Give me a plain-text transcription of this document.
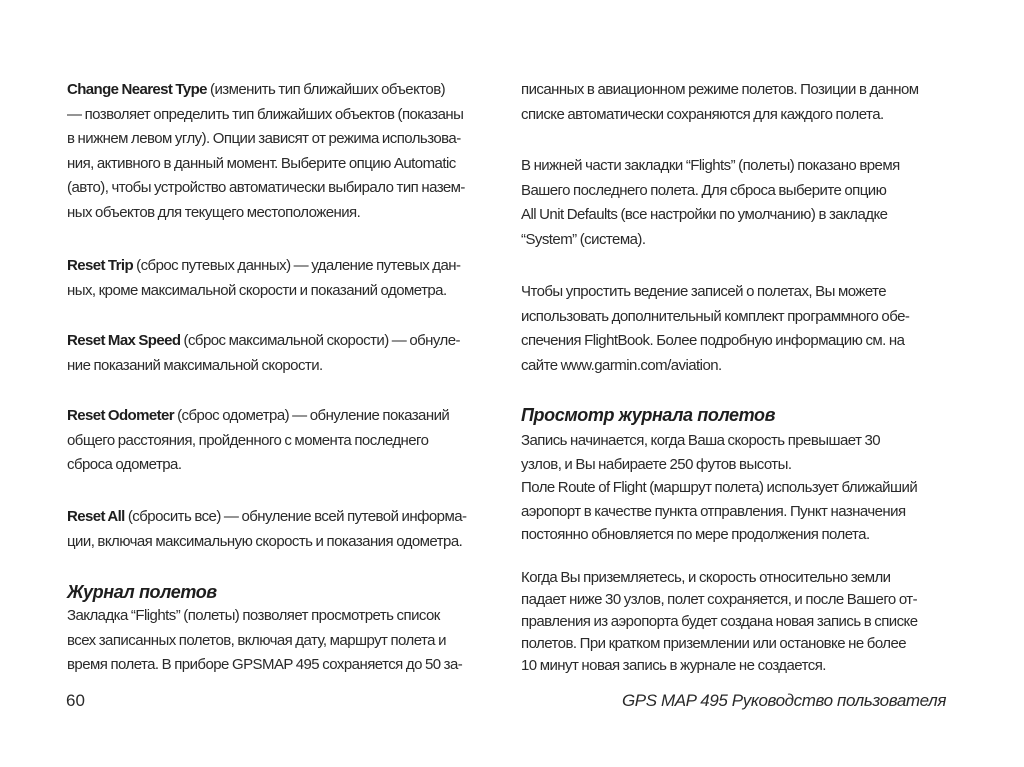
Change Nearest Type (изменить тип ближайших объектов)
— позволяет определить тип ближайших объектов (показаны
в нижнем левом углу). Опции зависят от режима использова-
ния, активного в данный момент. Выберите опцию Automatic
(авто), чтобы устройство автоматически выбирало тип назем-
ных объектов для текущего местоположения.
Reset Trip (сброс путевых данных) — удаление путевых дан-
ных, кроме максимальной скорости и показаний одометра.
Reset Max Speed (сброс максимальной скорости) — обнуле-
ние показаний максимальной скорости.
Reset Odometer (сброс одометра) — обнуление показаний
общего расстояния, пройденного с момента последнего
сброса одометра.
Reset All (сбросить все) — обнуление всей путевой информа-
ции, включая максимальную скорость и показания одометра.
Журнал полетов
Закладка “Flights” (полеты) позволяет просмотреть список
всех записанных полетов, включая дату, маршрут полета и
время полета. В приборе GPSMAP 495 сохраняется до 50 за-
писанных в авиационном режиме полетов. Позиции в данном
списке автоматически сохраняются для каждого полета.
В нижней части закладки “Flights” (полеты) показано время
Вашего последнего полета. Для сброса выберите опцию
All Unit Defaults (все настройки по умолчанию) в закладке
“System” (система).
Чтобы упростить ведение записей о полетах, Вы можете
использовать дополнительный комплект программного обе-
спечения FlightBook. Более подробную информацию см. на
сайте www.garmin.com/aviation.
Просмотр журнала полетов
Запись начинается, когда Ваша скорость превышает 30
узлов, и Вы набираете 250 футов высоты.
Поле Route of Flight (маршрут полета) использует ближайший
аэропорт в качестве пункта отправления. Пункт назначения
постоянно обновляется по мере продолжения полета.
Когда Вы приземляетесь, и скорость относительно земли
падает ниже 30 узлов, полет сохраняется, и после Вашего от-
правления из аэропорта будет создана новая запись в списке
полетов. При кратком приземлении или остановке не более
10 минут новая запись в журнале не создается.
60	GPS MAP 495 Руководство пользователя
